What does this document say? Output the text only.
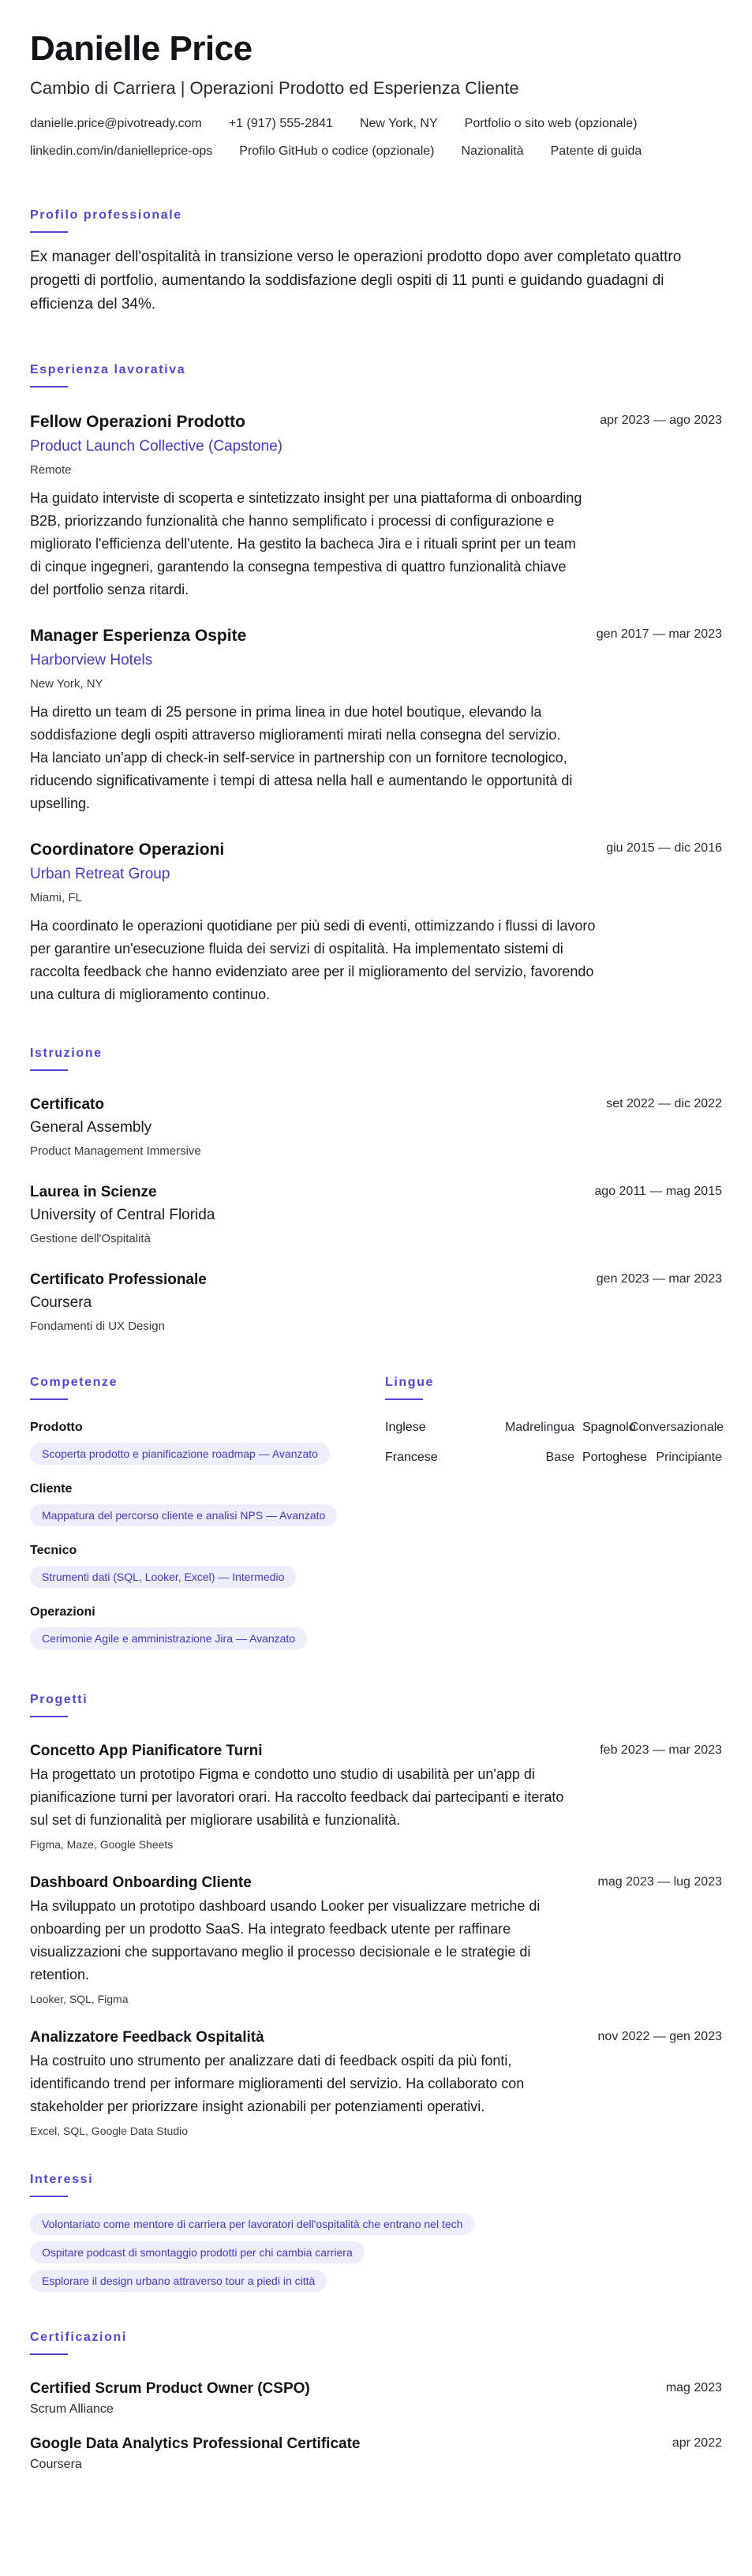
Danielle Price
Cambio di Carriera | Operazioni Prodotto ed Esperienza Cliente
danielle.price@pivotready.com +1 (917) 555-2841 New York, NY Portfolio o sito web (opzionale)
linkedin.com/in/danielleprice-ops Profilo GitHub o codice (opzionale) Nazionalità Patente di guida
Profilo professionale

Ex manager dell'ospitalità in transizione verso le operazioni prodotto dopo aver completato quattro progetti di portfolio, aumentando la soddisfazione degli ospiti di 11 punti e guidando guadagni di efficienza del 34%.

Esperienza lavorativa
Fellow Operazioni Prodotto
Product Launch Collective (Capstone)
Remote

Ha guidato interviste di scoperta e sintetizzato insight per una piattaforma di onboarding B2B, priorizzando funzionalità che hanno semplificato i processi di configurazione e migliorato l'efficienza dell'utente. Ha gestito la bacheca Jira e i rituali sprint per un team di cinque ingegneri, garantendo la consegna tempestiva di quattro funzionalità chiave del portfolio senza ritardi.

apr 2023 — ago 2023
Manager Esperienza Ospite
Harborview Hotels
New York, NY

Ha diretto un team di 25 persone in prima linea in due hotel boutique, elevando la soddisfazione degli ospiti attraverso miglioramenti mirati nella consegna del servizio. Ha lanciato un'app di check-in self-service in partnership con un fornitore tecnologico, riducendo significativamente i tempi di attesa nella hall e aumentando le opportunità di upselling.

gen 2017 — mar 2023
Coordinatore Operazioni
Urban Retreat Group
Miami, FL

Ha coordinato le operazioni quotidiane per più sedi di eventi, ottimizzando i flussi di lavoro per garantire un'esecuzione fluida dei servizi di ospitalità. Ha implementato sistemi di raccolta feedback che hanno evidenziato aree per il miglioramento del servizio, favorendo una cultura di miglioramento continuo.

giu 2015 — dic 2016
Istruzione
Certificato
General Assembly
Product Management Immersive
set 2022 — dic 2022
Laurea in Scienze
University of Central Florida
Gestione dell'Ospitalità
ago 2011 — mag 2015
Certificato Professionale
Coursera
Fondamenti di UX Design
gen 2023 — mar 2023
Competenze
Prodotto
Scoperta prodotto e pianificazione roadmap — Avanzato
Cliente
Mappatura del percorso cliente e analisi NPS — Avanzato
Tecnico
Strumenti dati (SQL, Looker, Excel) — Intermedio
Operazioni
Cerimonie Agile e amministrazione Jira — Avanzato
Lingue
Inglese	Madrelingua Spagnolo
Conversazionale
Francese	Base Portoghese Principiante
Progetti
Concetto App Pianificatore Turni

Ha progettato un prototipo Figma e condotto uno studio di usabilità per un'app di pianificazione turni per lavoratori orari. Ha raccolto feedback dai partecipanti e iterato sul set di funzionalità per migliorare usabilità e funzionalità.

Figma, Maze, Google Sheets
feb 2023 — mar 2023
Dashboard Onboarding Cliente

Ha sviluppato un prototipo dashboard usando Looker per visualizzare metriche di onboarding per un prodotto SaaS. Ha integrato feedback utente per raffinare visualizzazioni che supportavano meglio il processo decisionale e le strategie di retention.

Looker, SQL, Figma
mag 2023 — lug 2023
Analizzatore Feedback Ospitalità

Ha costruito uno strumento per analizzare dati di feedback ospiti da più fonti, identificando trend per informare miglioramenti del servizio. Ha collaborato con stakeholder per priorizzare insight azionabili per potenziamenti operativi.

Excel, SQL, Google Data Studio
nov 2022 — gen 2023
Interessi
Volontariato come mentore di carriera per lavoratori dell'ospitalità che entrano nel tech
Ospitare podcast di smontaggio prodotti per chi cambia carriera
Esplorare il design urbano attraverso tour a piedi in città
Certificazioni
Certified Scrum Product Owner (CSPO)
Scrum Alliance
mag 2023
Google Data Analytics Professional Certificate
Coursera
apr 2022
